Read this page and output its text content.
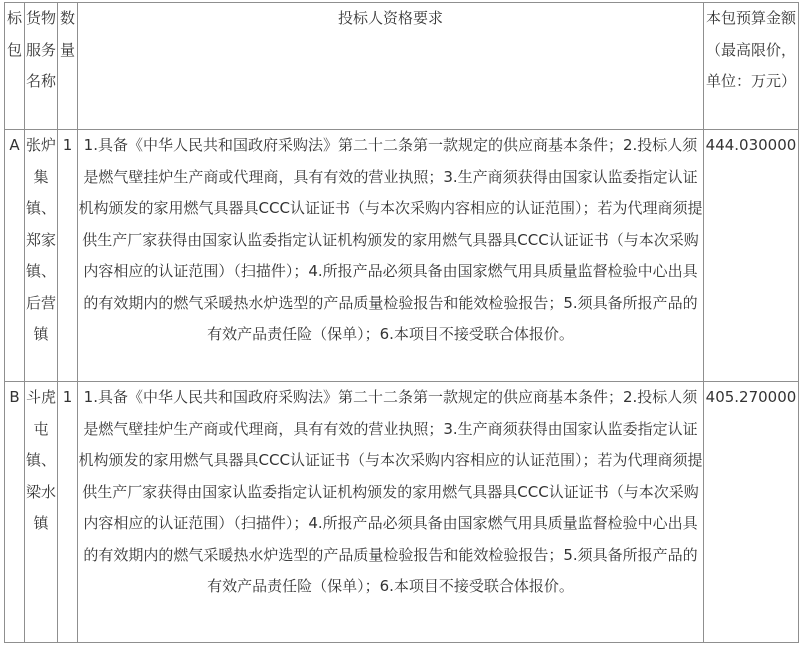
标包	货物服务名称	数量	投标人资格要求	本包预算金额（最高限价，单位：万元）
A	张炉集镇、郑家镇、后营镇	1	1.具备《中华人民共和国政府采购法》第二十二条第一款规定的供应商基本条件；2.投标人须是燃气壁挂炉生产商或代理商，具有有效的营业执照；3.生产商须获得由国家认监委指定认证机构颁发的家用燃气具器具CCC认证证书（与本次采购内容相应的认证范围）；若为代理商须提供生产厂家获得由国家认监委指定认证机构颁发的家用燃气具器具CCC认证证书（与本次采购内容相应的认证范围）（扫描件）；4.所报产品必须具备由国家燃气用具质量监督检验中心出具的有效期内的燃气采暖热水炉选型的产品质量检验报告和能效检验报告；5.须具备所报产品的有效产品责任险（保单）；6.本项目不接受联合体报价。	444.030000
B	斗虎屯镇、梁水镇	1	1.具备《中华人民共和国政府采购法》第二十二条第一款规定的供应商基本条件；2.投标人须是燃气壁挂炉生产商或代理商，具有有效的营业执照；3.生产商须获得由国家认监委指定认证机构颁发的家用燃气具器具CCC认证证书（与本次采购内容相应的认证范围）；若为代理商须提供生产厂家获得由国家认监委指定认证机构颁发的家用燃气具器具CCC认证证书（与本次采购内容相应的认证范围）（扫描件）；4.所报产品必须具备由国家燃气用具质量监督检验中心出具的有效期内的燃气采暖热水炉选型的产品质量检验报告和能效检验报告；5.须具备所报产品的有效产品责任险（保单）；6.本项目不接受联合体报价。	405.270000
